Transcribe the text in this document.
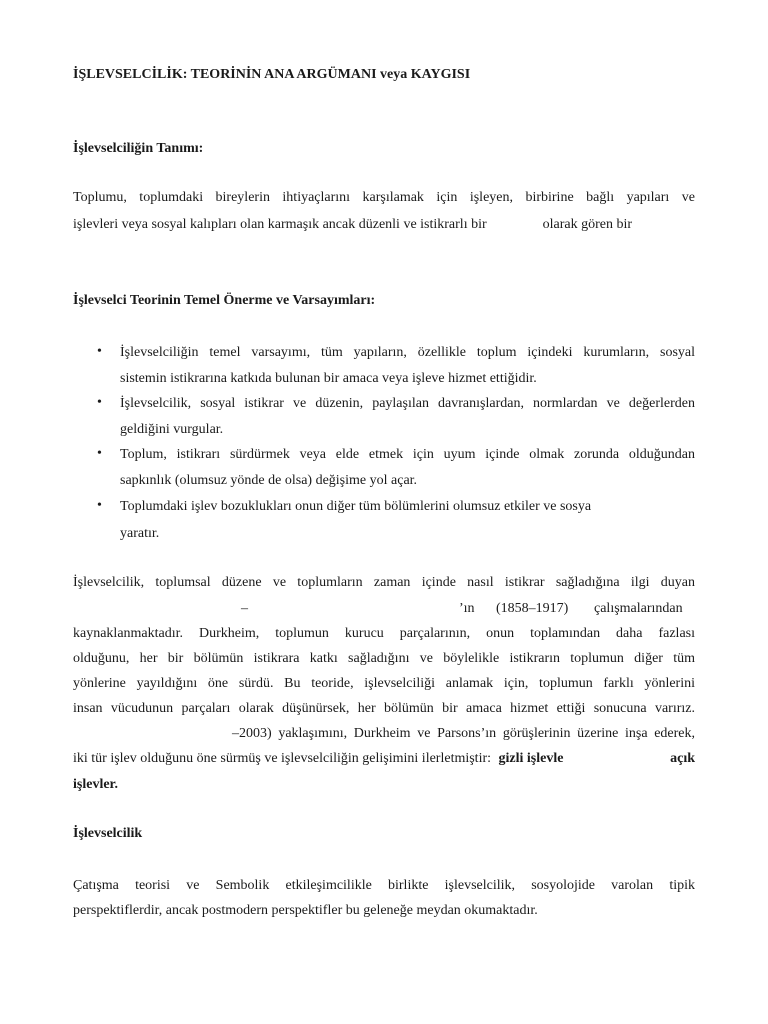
İŞLEVSELCİLİK: TEORİNİN ANA ARGÜMANI veya KAYGISI
İşlevselciliğin Tanımı:
Toplumu, toplumdaki bireylerin ihtiyaçlarını karşılamak için işleyen, birbirine bağlı yapıları ve
işlevleri veya sosyal kalıpları olan karmaşık ancak düzenli ve istikrarlı bir	olarak gören bir
İşlevselci Teorinin Temel Önerme ve Varsayımları:
• İşlevselciliğin temel varsayımı, tüm yapıların, özellikle toplum içindeki kurumların, sosyal
sistemin istikrarına katkıda bulunan bir amaca veya işleve hizmet ettiğidir.
• İşlevselcilik, sosyal istikrar ve düzenin, paylaşılan davranışlardan, normlardan ve değerlerden
geldiğini vurgular.
• Toplum, istikrarı sürdürmek veya elde etmek için uyum içinde olmak zorunda olduğundan
sapkınlık (olumsuz yönde de olsa) değişime yol açar.
• Toplumdaki işlev bozuklukları onun diğer tüm bölümlerini olumsuz etkiler ve sosya
yaratır.
İşlevselcilik, toplumsal düzene ve toplumların zaman içinde nasıl istikrar sağladığına ilgi duyan
–	’ın (1858–1917) çalışmalarından
kaynaklanmaktadır. Durkheim, toplumun kurucu parçalarının, onun toplamından daha fazlası
olduğunu, her bir bölümün istikrara katkı sağladığını ve böylelikle istikrarın toplumun diğer tüm
yönlerine yayıldığını öne sürdü. Bu teoride, işlevselciliği anlamak için, toplumun farklı yönlerini
insan vücudunun parçaları olarak düşünürsek, her bölümün bir amaca hizmet ettiği sonucuna varırız.
–2003) yaklaşımını, Durkheim ve Parsons’ın görüşlerinin üzerine inşa ederek,
iki tür işlev olduğunu öne sürmüş ve işlevselciliğin gelişimini ilerletmiştir: gizli işlevle	açık
işlevler.
İşlevselcilik
Çatışma teorisi ve Sembolik etkileşimcilikle birlikte işlevselcilik, sosyolojide varolan tipik
perspektiflerdir, ancak postmodern perspektifler bu geleneğe meydan okumaktadır.
